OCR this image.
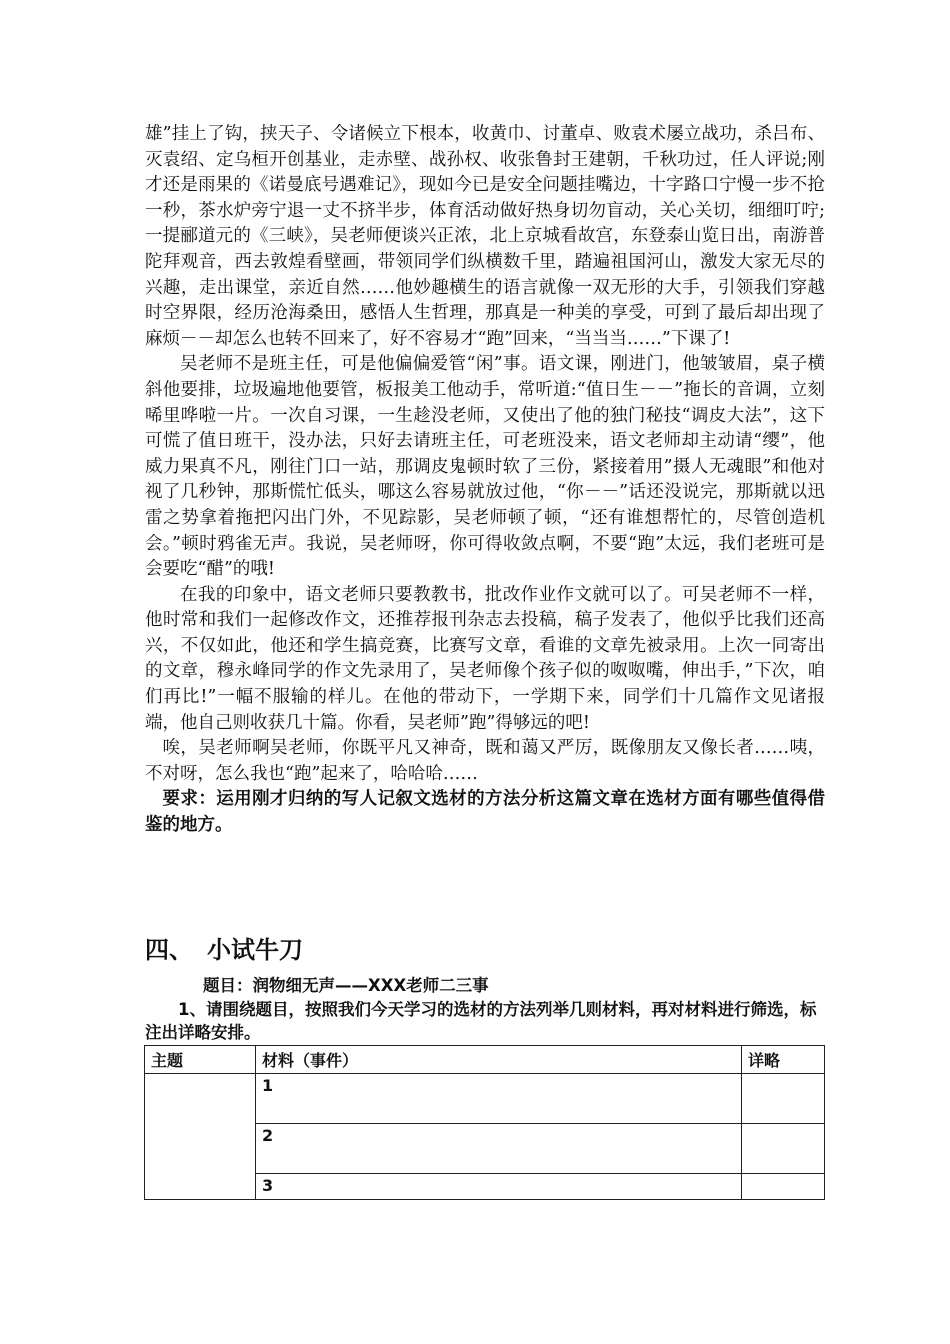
雄”挂上了钩，挟天子、令诸候立下根本，收黄巾、讨董卓、败袁术屡立战功，杀吕布、灭袁绍、定乌桓开创基业，走赤壁、战孙权、收张鲁封王建朝，千秋功过，任人评说;刚才还是雨果的《诺曼底号遇难记》，现如今已是安全问题挂嘴边，十字路口宁慢一步不抢一秒，茶水炉旁宁退一丈不挤半步，体育活动做好热身切勿盲动，关心关切，细细叮咛;一提郦道元的《三峡》，吴老师便谈兴正浓，北上京城看故宫，东登泰山览日出，南游普陀拜观音，西去敦煌看壁画，带领同学们纵横数千里，踏遍祖国河山，激发大家无尽的兴趣，走出课堂，亲近自然……他妙趣横生的语言就像一双无形的大手，引领我们穿越时空界限，经历沧海桑田，感悟人生哲理，那真是一种美的享受，可到了最后却出现了麻烦－－却怎么也转不回来了，好不容易才“跑”回来，“当当当……”下课了!

吴老师不是班主任，可是他偏偏爱管“闲”事。语文课，刚进门，他皱皱眉，桌子横斜他要排，垃圾遍地他要管，板报美工他动手，常听道:“值日生－－”拖长的音调，立刻唏里哗啦一片。一次自习课，一生趁没老师，又使出了他的独门秘技“调皮大法”，这下可慌了值日班干，没办法，只好去请班主任，可老班没来，语文老师却主动请“缨”，他威力果真不凡，刚往门口一站，那调皮鬼顿时软了三份，紧接着用”摄人无魂眼”和他对视了几秒钟，那斯慌忙低头，哪这么容易就放过他，“你－－”话还没说完，那斯就以迅雷之势拿着拖把闪出门外，不见踪影，吴老师顿了顿，“还有谁想帮忙的，尽管创造机会。”顿时鸦雀无声。我说，吴老师呀，你可得收敛点啊，不要“跑”太远，我们老班可是会要吃“醋”的哦!

在我的印象中，语文老师只要教教书，批改作业作文就可以了。可吴老师不一样，他时常和我们一起修改作文，还推荐报刊杂志去投稿，稿子发表了，他似乎比我们还高兴，不仅如此，他还和学生搞竞赛，比赛写文章，看谁的文章先被录用。上次一同寄出的文章，穆永峰同学的作文先录用了，吴老师像个孩子似的呶呶嘴，伸出手，”下次，咱们再比!”一幅不服输的样儿。在他的带动下，一学期下来，同学们十几篇作文见诸报端，他自己则收获几十篇。你看，吴老师”跑”得够远的吧!

唉，吴老师啊吴老师，你既平凡又神奇，既和蔼又严厉，既像朋友又像长者……咦，不对呀，怎么我也“跑”起来了，哈哈哈……

要求：运用刚才归纳的写人记叙文选材的方法分析这篇文章在选材方面有哪些值得借鉴的地方。

四、 小试牛刀
题目：润物细无声——XXX老师二三事
1、请围绕题目，按照我们今天学习的选材的方法列举几则材料，再对材料进行筛选，标注出详略安排。
主题	材料（事件）	详略
	1	
	2	
	3	
